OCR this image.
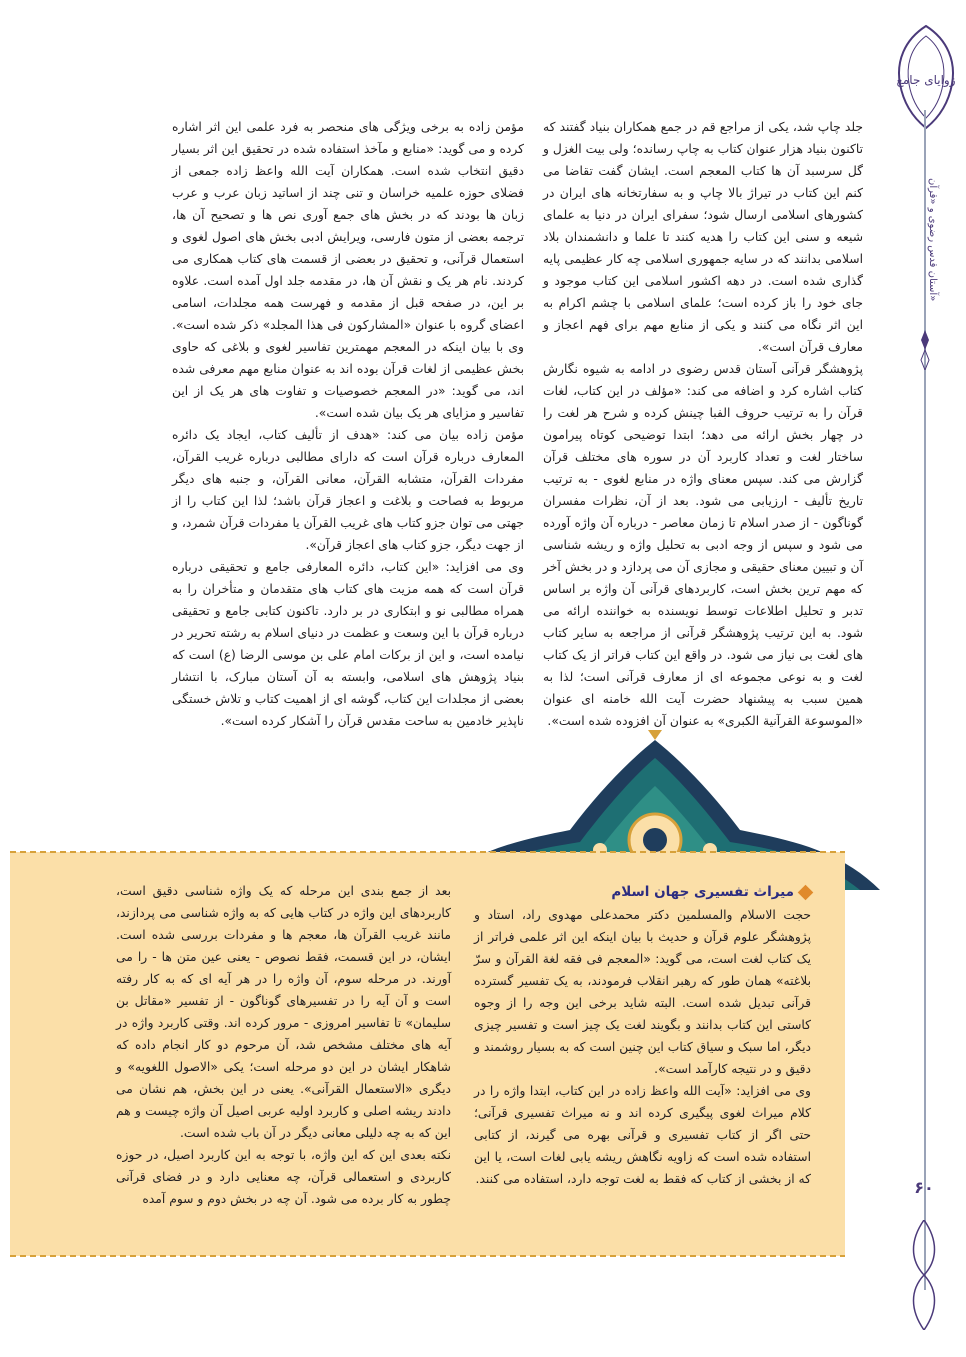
زوایای جامع
آستان قدس رضوی و «قرآن»
۶۰

جلد چاپ شد، یکی از مراجع قم در جمع همکاران بنیاد گفتند که تاکنون بنیاد هزار عنوان کتاب به چاپ رسانده؛ ولی بیت الغزل و گل سرسبد آن ها کتاب المعجم است. ایشان گفت تقاضا می کنم این کتاب در تیراژ بالا چاپ و به سفارتخانه های ایران در کشورهای اسلامی ارسال شود؛ سفرای ایران در دنیا به علمای شیعه و سنی این کتاب را هدیه کنند تا علما و دانشمندان بلاد اسلامی بدانند که در سایه جمهوری اسلامی چه کار عظیمی پایه گذاری شده است. در دهه اکشور اسلامی این کتاب موجود و جای خود را باز کرده است؛ علمای اسلامی با چشم اکرام به این اثر نگاه می کنند و یکی از منابع مهم برای فهم اعجاز و معارف قرآن است».

پژوهشگر قرآنی آستان قدس رضوی در ادامه به شیوه نگارش کتاب اشاره کرد و اضافه می کند: «مؤلف در این کتاب، لغات قرآن را به ترتیب حروف الفبا چینش کرده و شرح هر لغت را در چهار بخش ارائه می دهد؛ ابتدا توضیحی کوتاه پیرامون ساختار لغت و تعداد کاربرد آن در سوره های مختلف قرآن گزارش می کند. سپس معنای واژه در منابع لغوی - به ترتیب تاریخ تألیف - ارزیابی می شود. بعد از آن، نظرات مفسران گوناگون - از صدر اسلام تا زمان معاصر - درباره آن واژه آورده می شود و سپس از وجه ادبی به تحلیل واژه و ریشه شناسی آن و تبیین معنای حقیقی و مجازی آن می پردازد و در بخش آخر که مهم ترین بخش است، کاربردهای قرآنی آن واژه بر اساس تدبر و تحلیل اطلاعات توسط نویسنده به خواننده ارائه می شود. به این ترتیب پژوهشگر قرآنی از مراجعه به سایر کتاب های لغت بی نیاز می شود. در واقع این کتاب فراتر از یک کتاب لغت و به نوعی مجموعه ای از معارف قرآنی است؛ لذا به همین سبب به پیشنهاد حضرت آیت الله خامنه ای عنوان «الموسوعة القرآنیة الکبری» به عنوان آن افزوده شده است».

مؤمن زاده به برخی ویژگی های منحصر به فرد علمی این اثر اشاره کرده و می گوید: «منابع و مآخذ استفاده شده در تحقیق این اثر بسیار دقیق انتخاب شده است. همکاران آیت الله واعظ زاده جمعی از فضلای حوزه علمیه خراسان و تنی چند از اساتید زبان عرب و عرب زبان ها بودند که در بخش های جمع آوری نص ها و تصحیح آن ها، ترجمه بعضی از متون فارسی، ویرایش ادبی بخش های اصول لغوی و استعمال قرآنی، و تحقیق در بعضی از قسمت های کتاب همکاری می کردند. نام هر یک و نقش آن ها، در مقدمه جلد اول آمده است. علاوه بر این، در صفحه قبل از مقدمه و فهرست همه مجلدات، اسامی اعضای گروه با عنوان «المشارکون فی هذا المجلد» ذکر شده است». وی با بیان اینکه در المعجم مهمترین تفاسیر لغوی و بلاغی که حاوی بخش عظیمی از لغات قرآن بوده اند به عنوان منابع مهم معرفی شده اند، می گوید: «در المعجم خصوصیات و تفاوت های هر یک از این تفاسیر و مزایای هر یک بیان شده است».

مؤمن زاده بیان می کند: «هدف از تألیف کتاب، ایجاد یک دائره المعارف درباره قرآن است که دارای مطالبی درباره غریب القرآن، مفردات القرآن، متشابه القرآن، معانی القرآن، و جنبه های دیگر مربوط به فصاحت و بلاغت و اعجاز قرآن باشد؛ لذا این کتاب را از جهتی می توان جزو کتاب های غریب القرآن یا مفردات قرآن شمرد، و از جهت دیگر، جزو کتاب های اعجاز قرآن».

وی می افزاید: «این کتاب، دائره المعارفی جامع و تحقیقی درباره قرآن است که همه مزیت های کتاب های متقدمان و متأخران را به همراه مطالبی نو و ابتکاری در بر دارد. تاکنون کتابی جامع و تحقیقی درباره قرآن با این وسعت و عظمت در دنیای اسلام به رشته تحریر در نیامده است، و این از برکات امام علی بن موسی الرضا (ع) است که بنیاد پژوهش های اسلامی، وابسته به آن آستان مبارک، با انتشار بعضی از مجلدات این کتاب، گوشه ای از اهمیت کتاب و تلاش خستگی ناپذیر خادمین به ساحت مقدس قرآن را آشکار کرده است».

میراث تفسیری جهان اسلام

حجت الاسلام والمسلمین دکتر محمدعلی مهدوی راد، استاد و پژوهشگر علوم قرآن و حدیث با بیان اینکه این اثر علمی فراتر از یک کتاب لغت است، می گوید: «المعجم فی فقه لغة القرآن و سرّ بلاغته» همان طور که رهبر انقلاب فرمودند، به یک تفسیر گسترده قرآنی تبدیل شده است. البته شاید برخی این وجه را از وجوه کاستی این کتاب بدانند و بگویند لغت یک چیز است و تفسیر چیزی دیگر، اما سبک و سیاق کتاب این چنین است که به بسیار روشمند و دقیق و در نتیجه کارآمد است».

وی می افزاید: «آیت الله واعظ زاده در این کتاب، ابتدا واژه را در کلام میراث لغوی پیگیری کرده اند و نه میراث تفسیری قرآنی؛ حتی اگر از کتاب تفسیری و قرآنی بهره می گیرند، از کتابی استفاده شده است که زاویه نگاهش ریشه یابی لغات است، یا این که از بخشی از کتاب که فقط به لغت توجه دارد، استفاده می کنند.

بعد از جمع بندی این مرحله که یک واژه شناسی دقیق است، کاربردهای این واژه در کتاب هایی که به واژه شناسی می پردازند، مانند غریب القرآن ها، معجم ها و مفردات بررسی شده است. ایشان، در این قسمت، فقط نصوص - یعنی عین متن ها - را می آورند. در مرحله سوم، آن واژه را در هر آیه ای که به کار رفته است و آن آیه را در تفسیرهای گوناگون - از تفسیر «مقاتل بن سلیمان» تا تفاسیر امروزی - مرور کرده اند. وقتی کاربرد واژه در آیه های مختلف مشخص شد، آن مرحوم دو کار انجام داده که شاهکار ایشان در این دو مرحله است؛ یکی «الاصول اللغویه» و دیگری «الاستعمال القرآنی». یعنی در این بخش، هم نشان می دادند ریشه اصلی و کاربرد اولیه عربی اصیل آن واژه چیست و هم این که به چه دلیلی معانی دیگر در آن باب شده است.

نکته بعدی این که این واژه، با توجه به این کاربرد اصیل، در حوزه کاربردی و استعمالی قرآن، چه معنایی دارد و در فضای قرآنی چطور به کار برده می شود. آن چه در بخش دوم و سوم آمده
